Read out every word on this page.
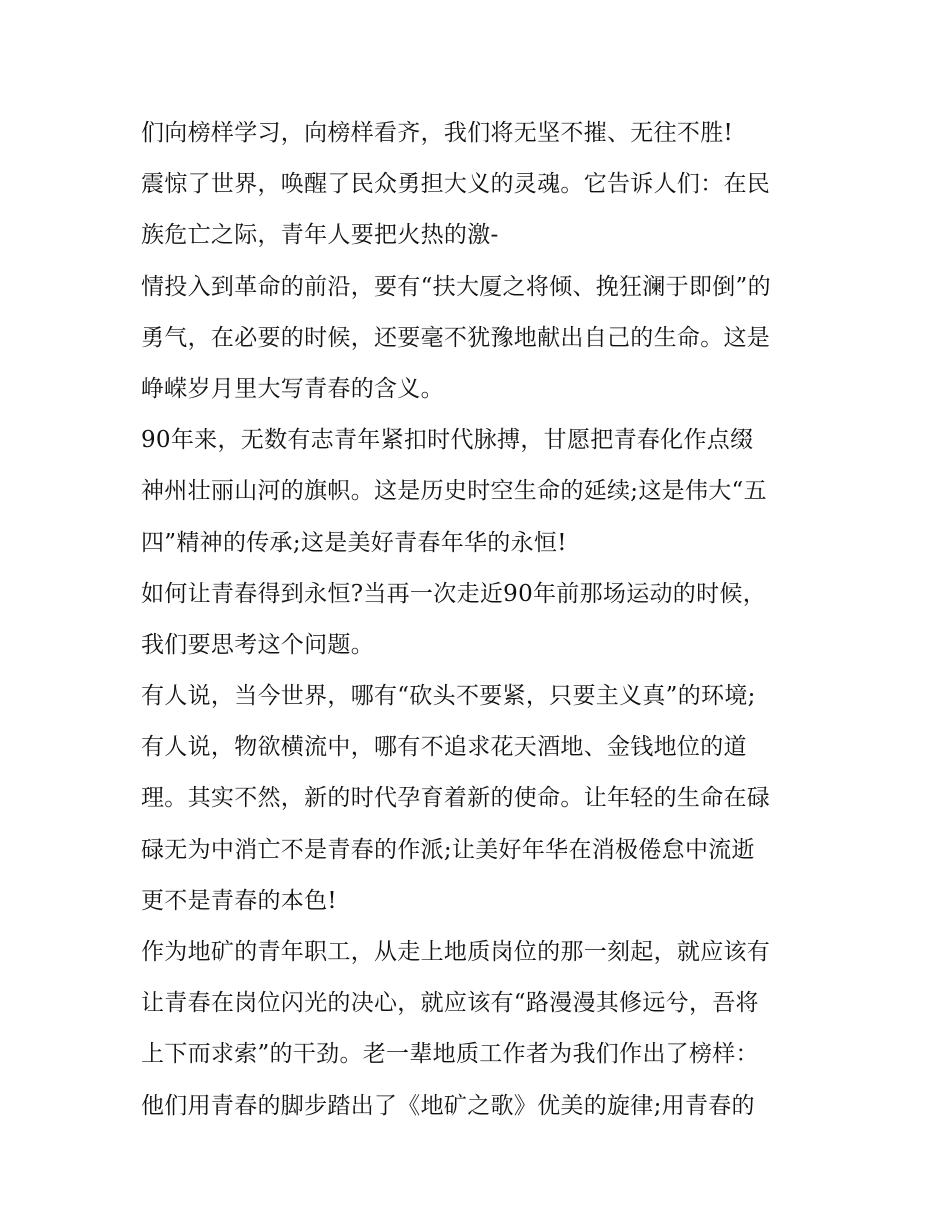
们向榜样学习，向榜样看齐，我们将无坚不摧、无往不胜!
震惊了世界，唤醒了民众勇担大义的灵魂。它告诉人们：在民
族危亡之际，青年人要把火热的激-
情投入到革命的前沿，要有“扶大厦之将倾、挽狂澜于即倒”的
勇气，在必要的时候，还要毫不犹豫地献出自己的生命。这是
峥嵘岁月里大写青春的含义。
90年来，无数有志青年紧扣时代脉搏，甘愿把青春化作点缀
神州壮丽山河的旗帜。这是历史时空生命的延续;这是伟大“五
四”精神的传承;这是美好青春年华的永恒!
如何让青春得到永恒?当再一次走近90年前那场运动的时候，
我们要思考这个问题。
有人说，当今世界，哪有“砍头不要紧，只要主义真”的环境;
有人说，物欲横流中，哪有不追求花天酒地、金钱地位的道
理。其实不然，新的时代孕育着新的使命。让年轻的生命在碌
碌无为中消亡不是青春的作派;让美好年华在消极倦怠中流逝
更不是青春的本色!
作为地矿的青年职工，从走上地质岗位的那一刻起，就应该有
让青春在岗位闪光的决心，就应该有“路漫漫其修远兮，吾将
上下而求索”的干劲。老一辈地质工作者为我们作出了榜样：
他们用青春的脚步踏出了《地矿之歌》优美的旋律;用青春的
